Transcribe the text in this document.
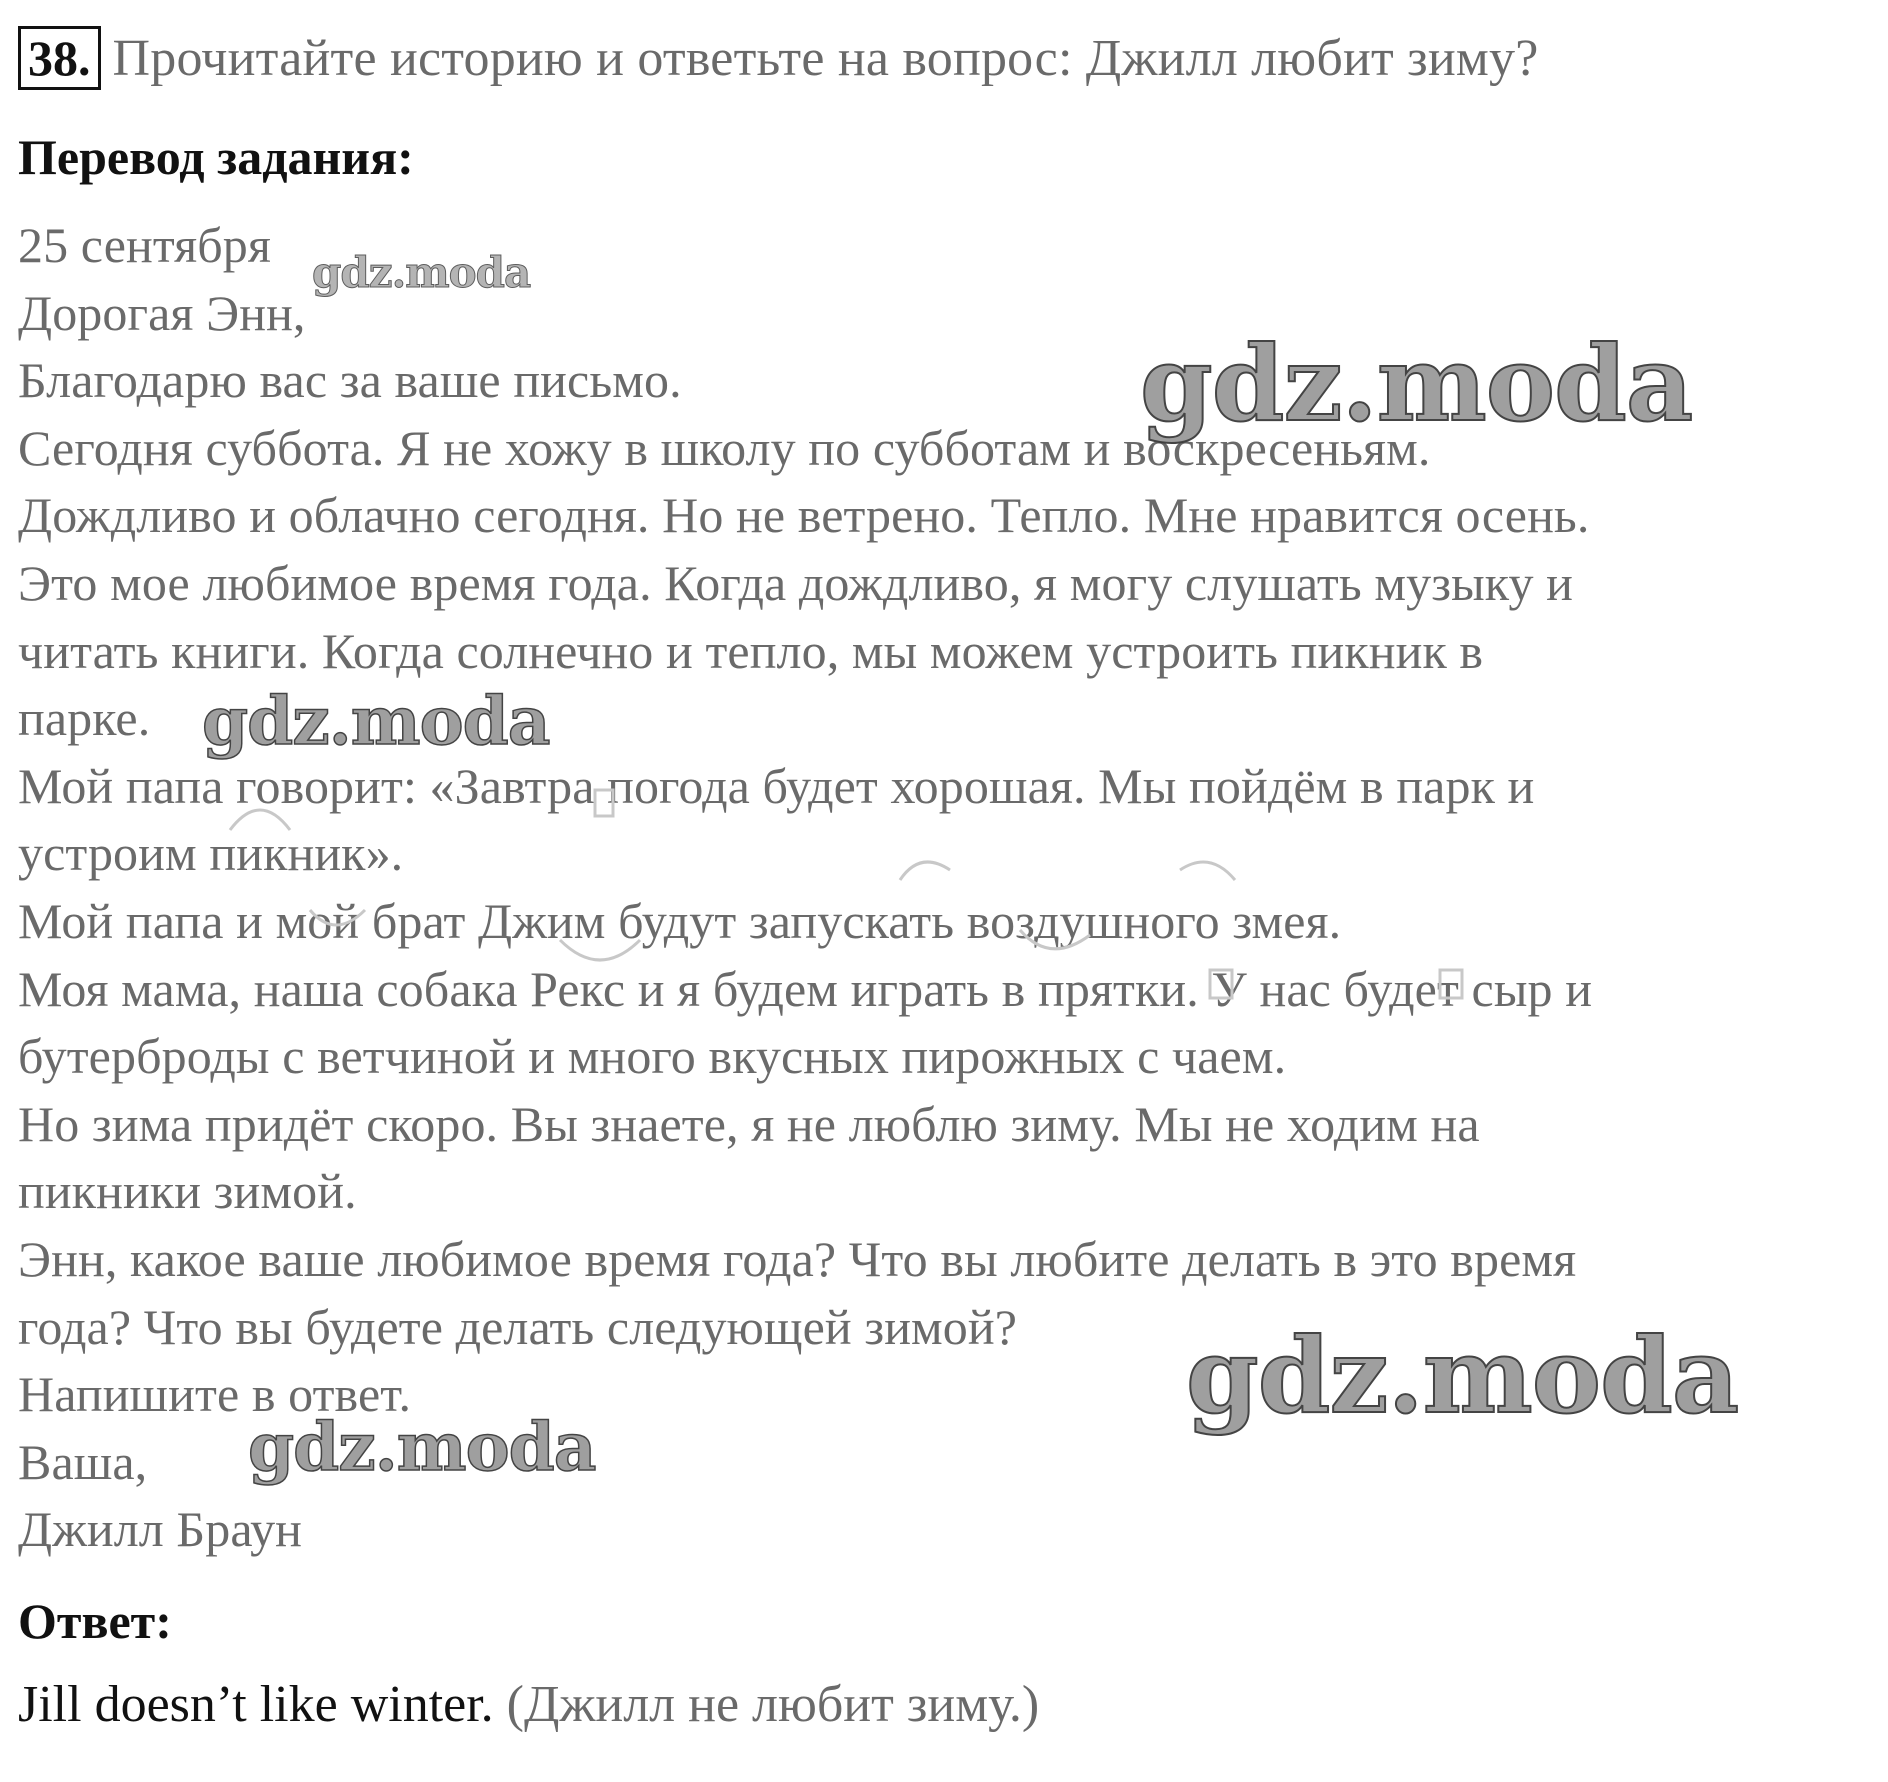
38. Прочитайте историю и ответьте на вопрос: Джилл любит зиму?
Перевод задания:
25 сентября
Дорогая Энн,
Благодарю вас за ваше письмо.
Сегодня суббота. Я не хожу в школу по субботам и воскресеньям.
Дождливо и облачно сегодня. Но не ветрено. Тепло. Мне нравится осень.
Это мое любимое время года. Когда дождливо, я могу слушать музыку и
читать книги. Когда солнечно и тепло, мы можем устроить пикник в
парке.
Мой папа говорит: «Завтра погода будет хорошая. Мы пойдём в парк и
устроим пикник».
Мой папа и мой брат Джим будут запускать воздушного змея.
Моя мама, наша собака Рекс и я будем играть в прятки. У нас будет сыр и
бутерброды с ветчиной и много вкусных пирожных с чаем.
Но зима придёт скоро. Вы знаете, я не люблю зиму. Мы не ходим на
пикники зимой.
Энн, какое ваше любимое время года? Что вы любите делать в это время
года? Что вы будете делать следующей зимой?
Напишите в ответ.
Ваша,
Джилл Браун
Ответ:
Jill doesn’t like winter. (Джилл не любит зиму.)
gdz.moda
gdz.moda
gdz.moda
gdz.moda
gdz.moda
